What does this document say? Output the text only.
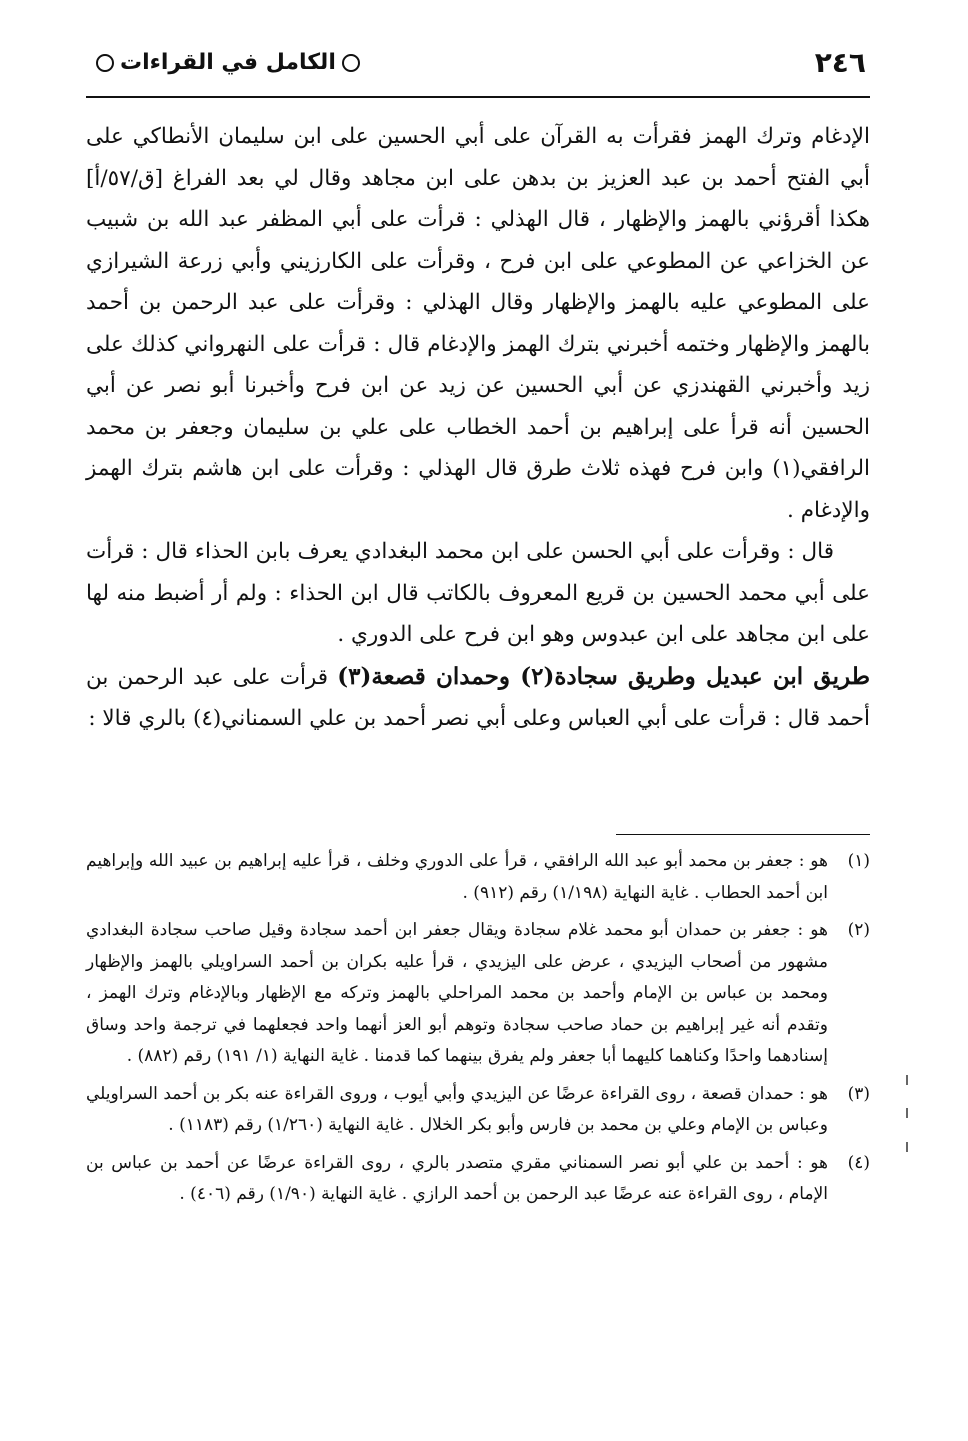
٢٤٦
الكامل في القراءات

الإدغام وترك الهمز فقرأت به القرآن على أبي الحسين على ابن سليمان الأنطاكي على أبي الفتح أحمد بن عبد العزيز بن بدهن على ابن مجاهد وقال لي بعد الفراغ [ق/٥٧/أ] هكذا أقرؤني بالهمز والإظهار ، قال الهذلي : قرأت على أبي المظفر عبد الله بن شبيب عن الخزاعي عن المطوعي على ابن فرح ، وقرأت على الكارزيني وأبي زرعة الشيرازي على المطوعي عليه بالهمز والإظهار وقال الهذلي : وقرأت على عبد الرحمن بن أحمد بالهمز والإظهار وختمه أخبرني بترك الهمز والإدغام قال : قرأت على النهرواني كذلك على زيد وأخبرني القهندزي عن أبي الحسين عن زيد عن ابن فرح وأخبرنا أبو نصر عن أبي الحسين أنه قرأ على إبراهيم بن أحمد الخطاب على علي بن سليمان وجعفر بن محمد الرافقي(١) وابن فرح فهذه ثلاث طرق قال الهذلي : وقرأت على ابن هاشم بترك الهمز والإدغام .

قال : وقرأت على أبي الحسن على ابن محمد البغدادي يعرف بابن الحذاء قال : قرأت على أبي محمد الحسين بن قريع المعروف بالكاتب قال ابن الحذاء : ولم أر أضبط منه لها على ابن مجاهد على ابن عبدوس وهو ابن فرح على الدوري .

طريق ابن عبديل وطريق سجادة(٢) وحمدان قصعة(٣) قرأت على عبد الرحمن بن أحمد قال : قرأت على أبي العباس وعلى أبي نصر أحمد بن علي السمناني(٤) بالري قالا :

(١)
هو : جعفر بن محمد أبو عبد الله الرافقي ، قرأ على الدوري وخلف ، قرأ عليه إبراهيم بن عبيد الله وإبراهيم ابن أحمد الحطاب . غاية النهاية (١/١٩٨) رقم (٩١٢) .
(٢)
هو : جعفر بن حمدان أبو محمد غلام سجادة ويقال جعفر ابن أحمد سجادة وقيل صاحب سجادة البغدادي مشهور من أصحاب اليزيدي ، عرض على اليزيدي ، قرأ عليه بكران بن أحمد السراويلي بالهمز والإظهار ومحمد بن عباس بن الإمام وأحمد بن محمد المراحلي بالهمز وتركه مع الإظهار وبالإدغام وترك الهمز ، وتقدم أنه غير إبراهيم بن حماد صاحب سجادة وتوهم أبو العز أنهما واحد فجعلهما في ترجمة واحد وساق إسنادهما واحدًا وكناهما كليهما أبا جعفر ولم يفرق بينهما كما قدمنا . غاية النهاية (١/ ١٩١) رقم (٨٨٢) .
(٣)
هو : حمدان قصعة ، روى القراءة عرضًا عن اليزيدي وأبي أيوب ، وروى القراءة عنه بكر بن أحمد السراويلي وعباس بن الإمام وعلي بن محمد بن فارس وأبو بكر الخلال . غاية النهاية (١/٢٦٠) رقم (١١٨٣) .
(٤)
هو : أحمد بن علي أبو نصر السمناني مقري متصدر بالري ، روى القراءة عرضًا عن أحمد بن عباس بن الإمام ، روى القراءة عنه عرضًا عبد الرحمن بن أحمد الرازي . غاية النهاية (١/٩٠) رقم (٤٠٦) .
